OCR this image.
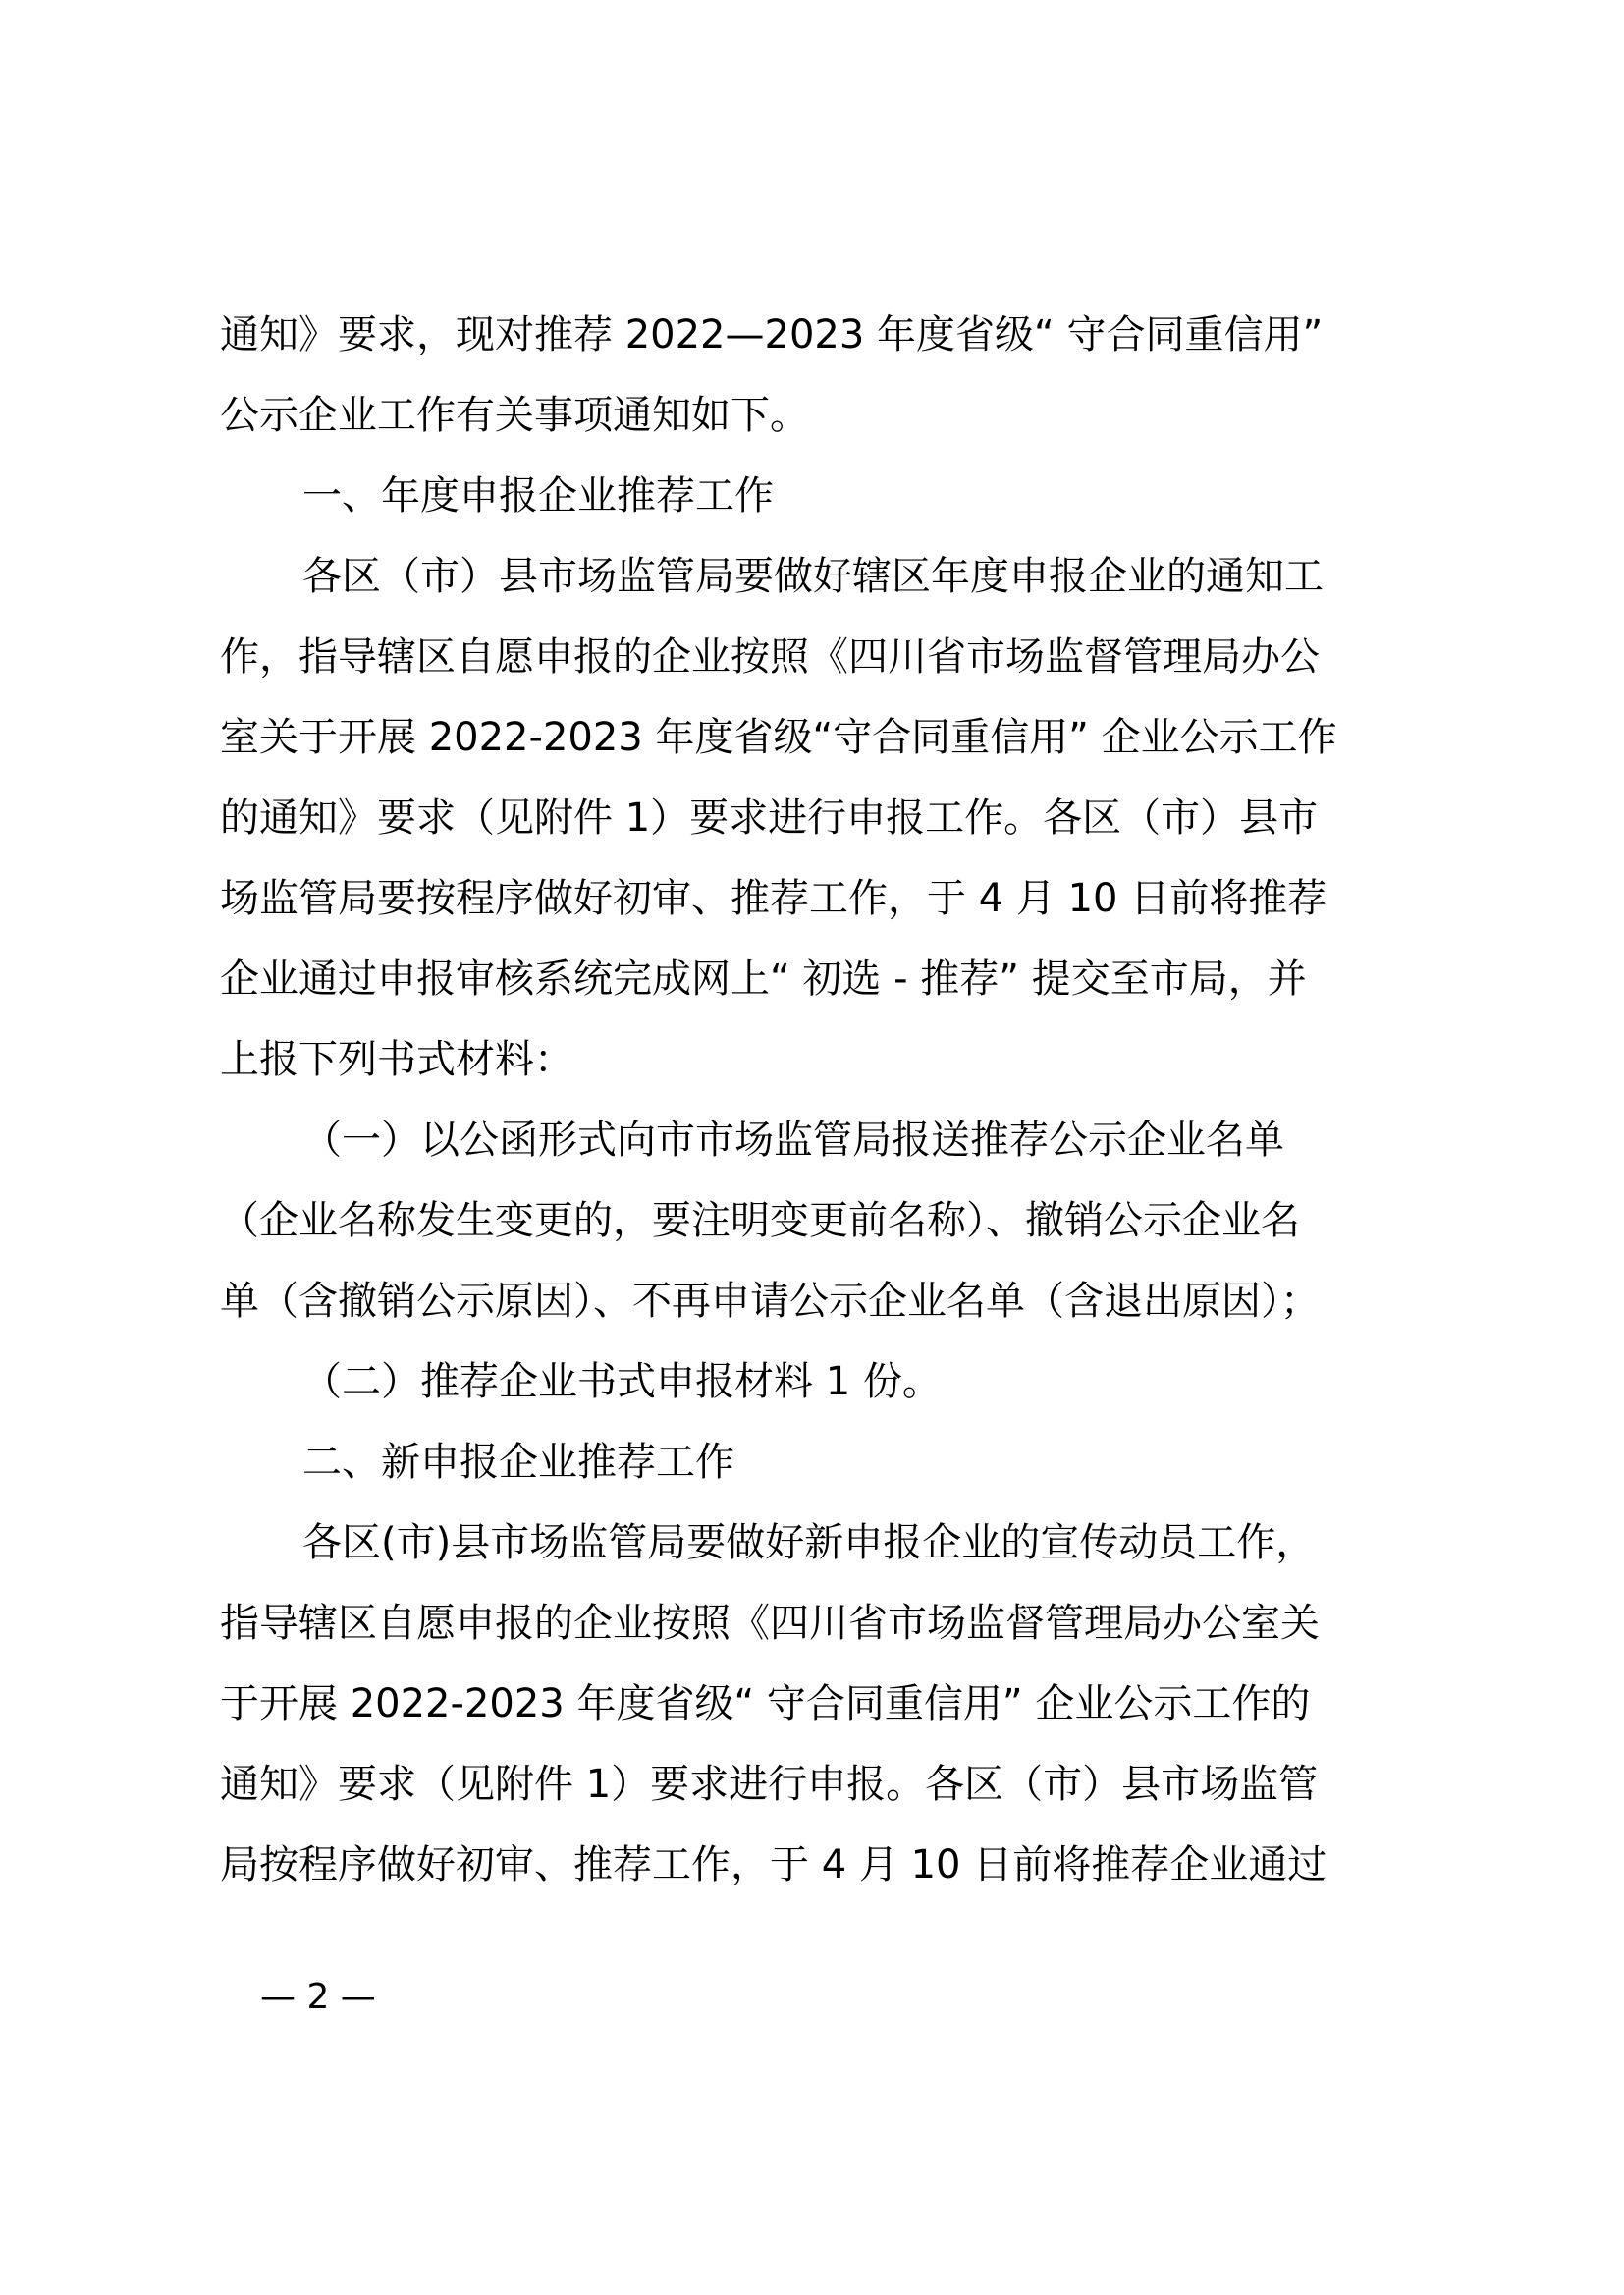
通知》要求，现对推荐 2022—2023 年度省级“ 守合同重信用”
公示企业工作有关事项通知如下。
一、年度申报企业推荐工作
各区（市）县市场监管局要做好辖区年度申报企业的通知工
作，指导辖区自愿申报的企业按照《四川省市场监督管理局办公
室关于开展 2022-2023 年度省级“守合同重信用” 企业公示工作
的通知》要求（见附件 1）要求进行申报工作。各区（市）县市
场监管局要按程序做好初审、推荐工作，于 4 月 10 日前将推荐
企业通过申报审核系统完成网上“ 初选 - 推荐” 提交至市局，并
上报下列书式材料：
（一）以公函形式向市市场监管局报送推荐公示企业名单
（企业名称发生变更的，要注明变更前名称）、撤销公示企业名
单（含撤销公示原因）、不再申请公示企业名单（含退出原因）；
（二）推荐企业书式申报材料 1 份。
二、新申报企业推荐工作
各区(市)县市场监管局要做好新申报企业的宣传动员工作，
指导辖区自愿申报的企业按照《四川省市场监督管理局办公室关
于开展 2022-2023 年度省级“ 守合同重信用” 企业公示工作的
通知》要求（见附件 1）要求进行申报。各区（市）县市场监管
局按程序做好初审、推荐工作，于 4 月 10 日前将推荐企业通过
— 2 —
